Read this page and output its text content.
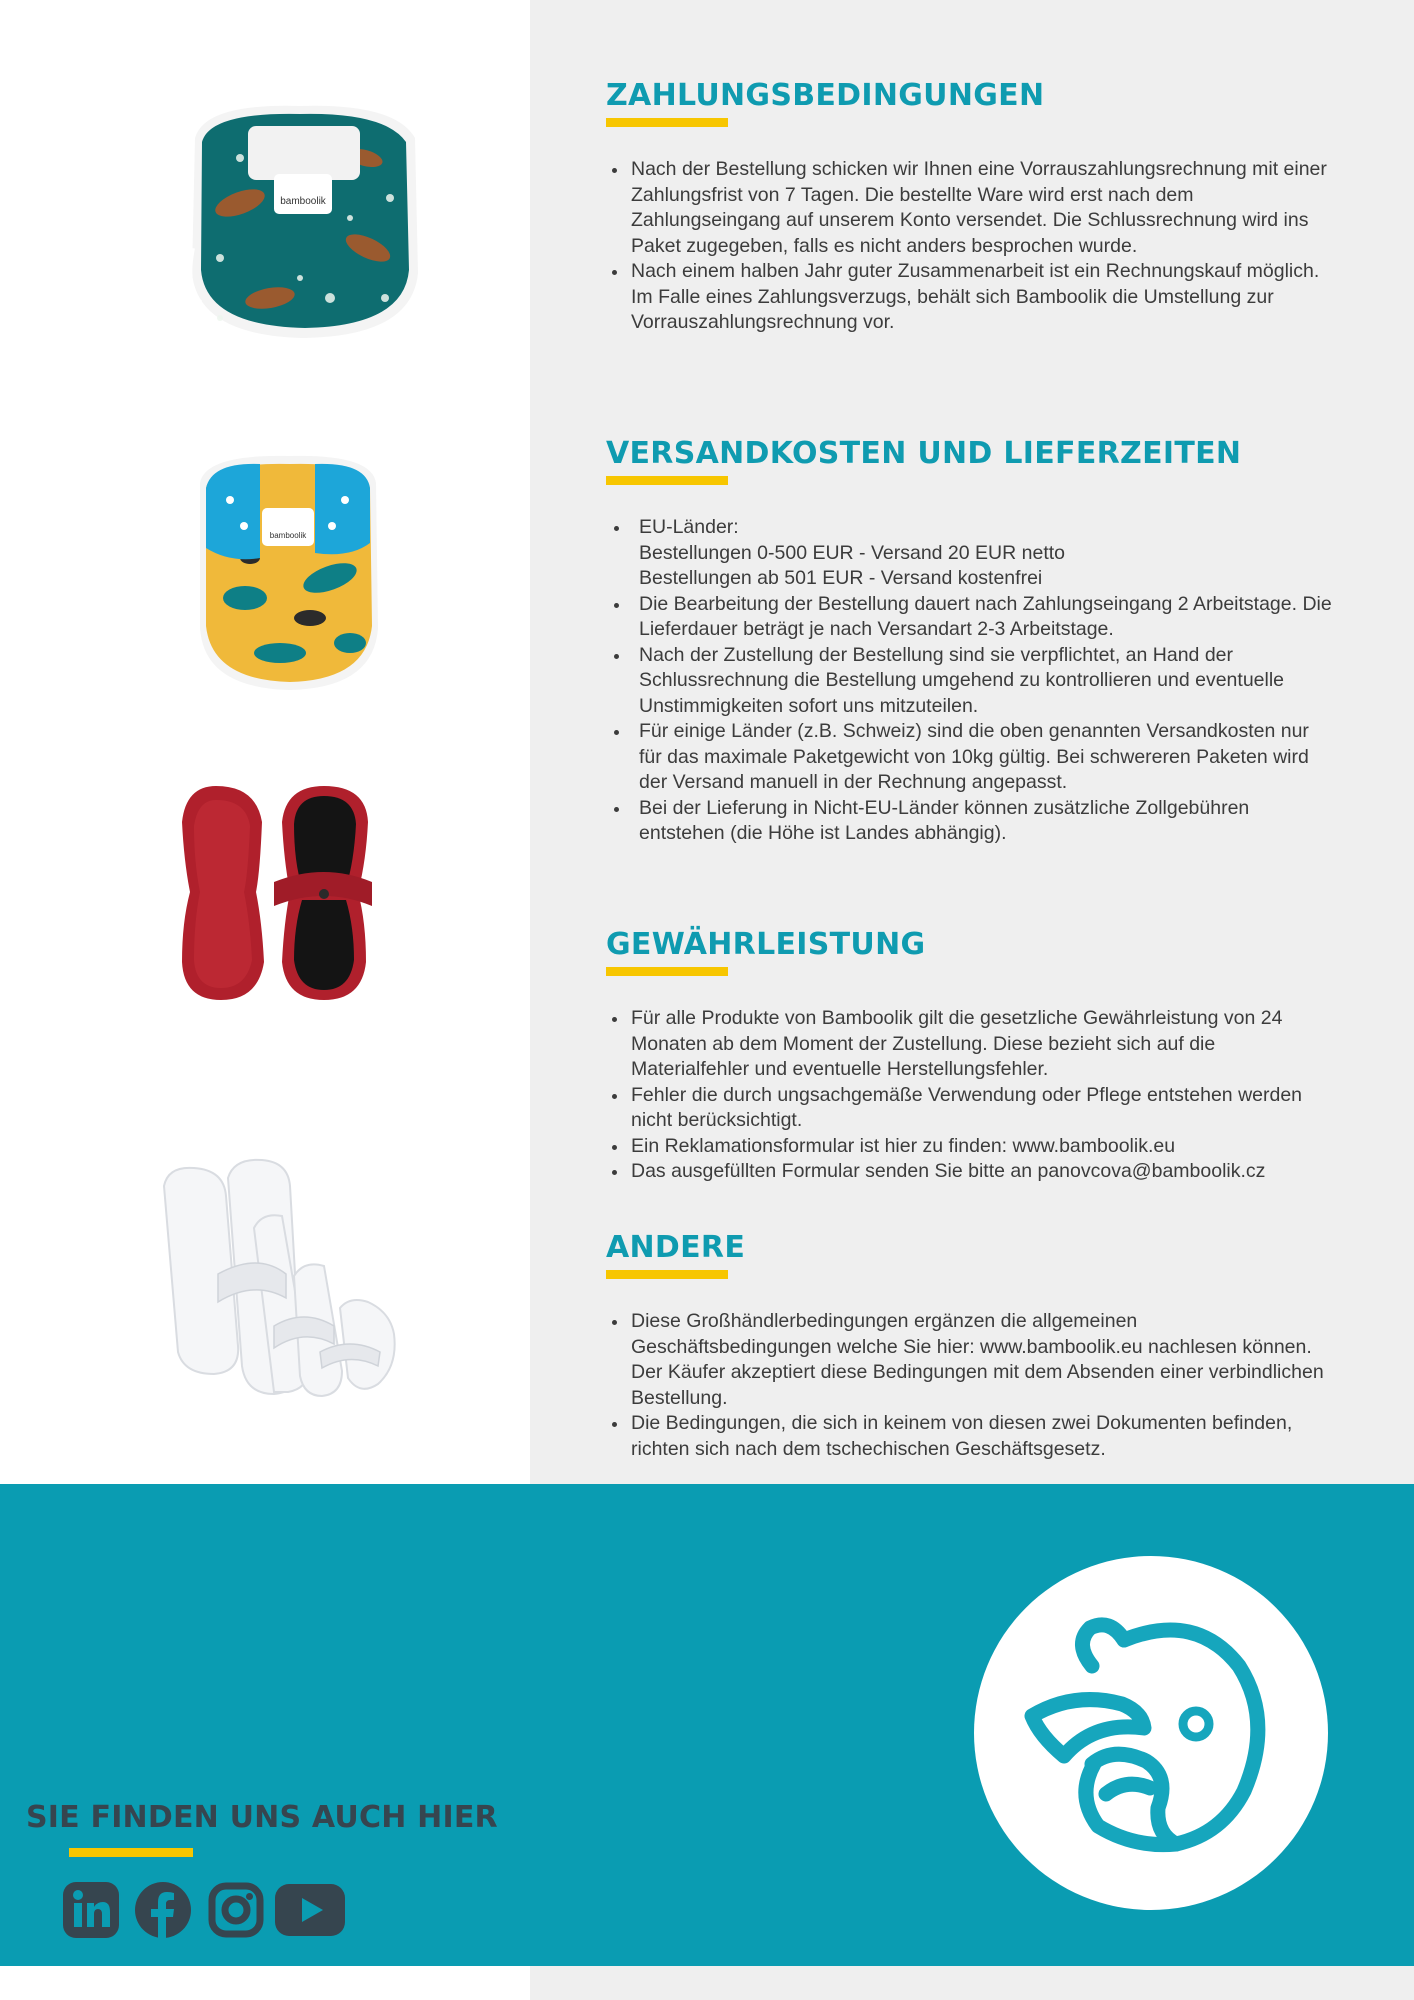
bamboolik
bamboolik
ZAHLUNGSBEDINGUNGEN
Nach der Bestellung schicken wir Ihnen eine Vorrauszahlungsrechnung mit einer Zahlungsfrist von 7 Tagen. Die bestellte Ware wird erst nach dem Zahlungseingang auf unserem Konto versendet. Die Schlussrechnung wird ins Paket zugegeben, falls es nicht anders besprochen wurde.
Nach einem halben Jahr guter Zusammenarbeit ist ein Rechnungskauf möglich. Im Falle eines Zahlungsverzugs, behält sich Bamboolik die Umstellung zur Vorrauszahlungsrechnung vor.
VERSANDKOSTEN UND LIEFERZEITEN
EU-Länder:
Bestellungen 0-500 EUR - Versand 20 EUR netto
Bestellungen ab 501 EUR - Versand kostenfrei
Die Bearbeitung der Bestellung dauert nach Zahlungseingang 2 Arbeitstage. Die Lieferdauer beträgt je nach Versandart 2-3 Arbeitstage.
Nach der Zustellung der Bestellung sind sie verpflichtet, an Hand der Schlussrechnung die Bestellung umgehend zu kontrollieren und eventuelle Unstimmigkeiten sofort uns mitzuteilen.
Für einige Länder (z.B. Schweiz) sind die oben genannten Versandkosten nur für das maximale Paketgewicht von 10kg gültig. Bei schwereren Paketen wird der Versand manuell in der Rechnung angepasst.
Bei der Lieferung in Nicht-EU-Länder können zusätzliche Zollgebühren entstehen (die Höhe ist Landes abhängig).
GEWÄHRLEISTUNG
Für alle Produkte von Bamboolik gilt die gesetzliche Gewährleistung von 24 Monaten ab dem Moment der Zustellung. Diese bezieht sich auf die Materialfehler und eventuelle Herstellungsfehler.
Fehler die durch ungsachgemäße Verwendung oder Pflege entstehen werden nicht berücksichtigt.
Ein Reklamationsformular ist hier zu finden: www.bamboolik.eu
Das ausgefüllten Formular senden Sie bitte an panovcova@bamboolik.cz
ANDERE
Diese Großhändlerbedingungen ergänzen die allgemeinen Geschäftsbedingungen welche Sie hier: www.bamboolik.eu nachlesen können. Der Käufer akzeptiert diese Bedingungen mit dem Absenden einer verbindlichen Bestellung.
Die Bedingungen, die sich in keinem von diesen zwei Dokumenten befinden, richten sich nach dem tschechischen Geschäftsgesetz.
SIE FINDEN UNS AUCH HIER
